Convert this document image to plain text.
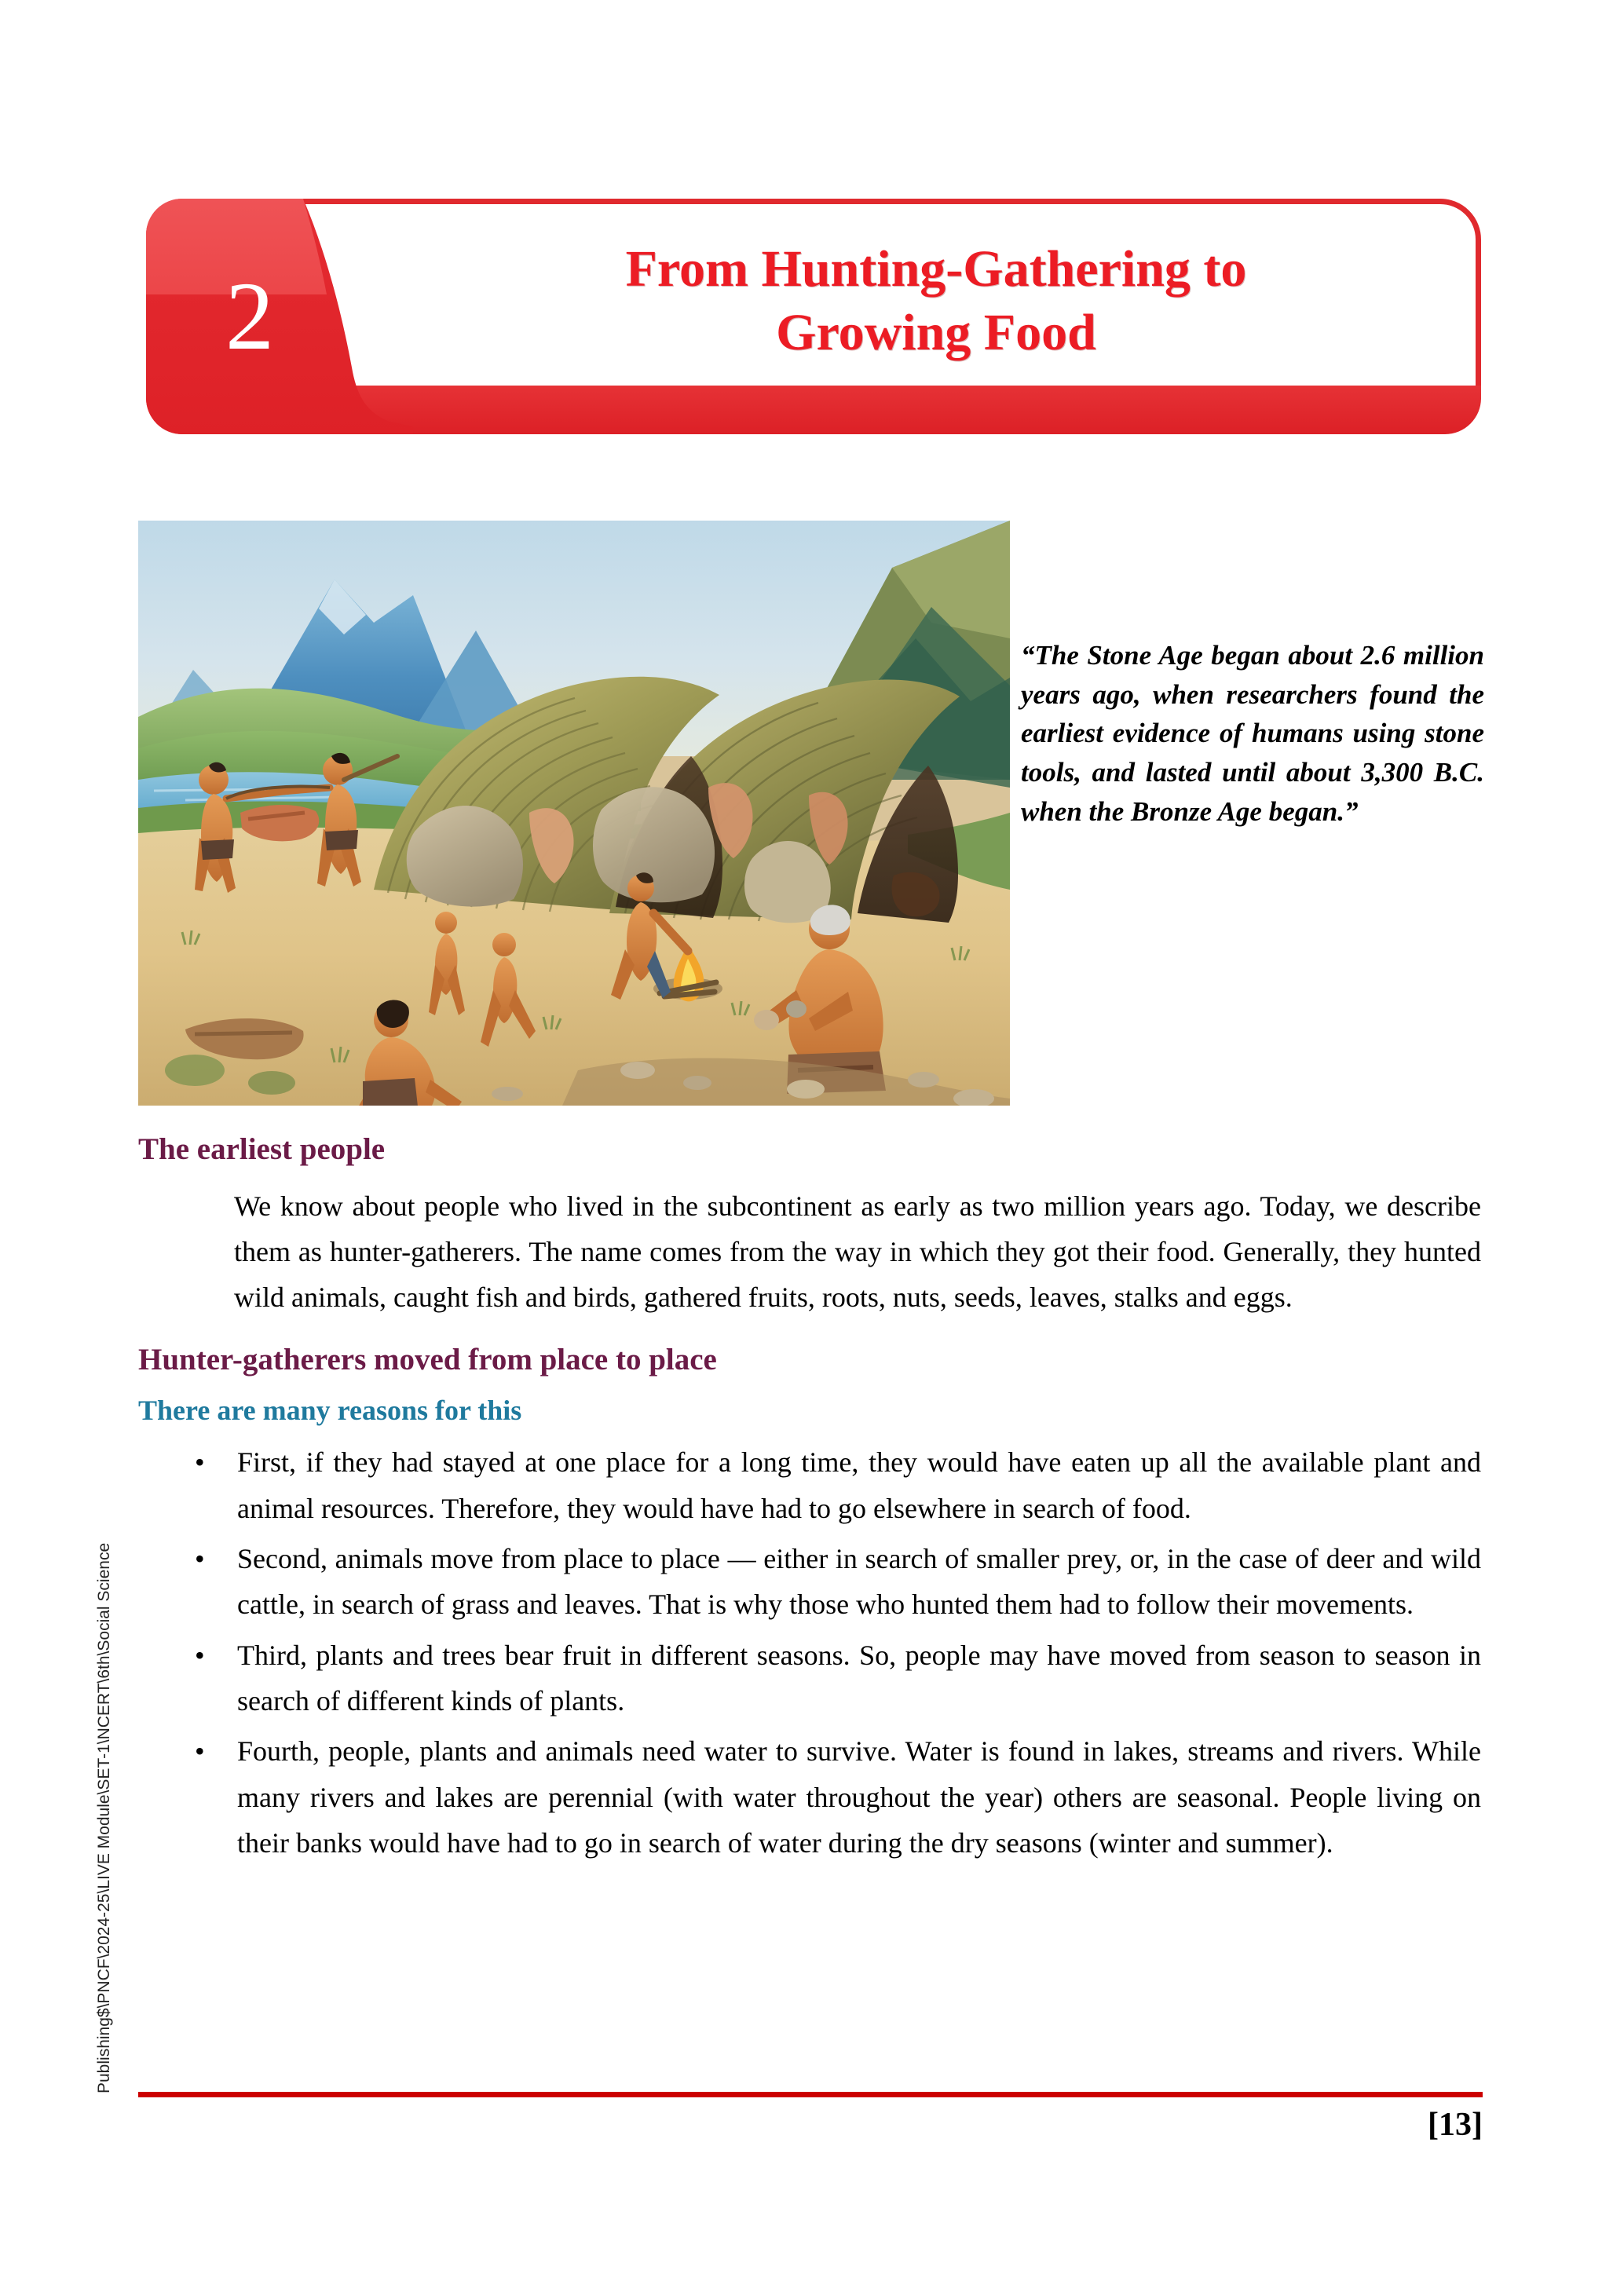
2	From Hunting-Gathering to
Growing Food
“The Stone Age began about 2.6 million years ago, when researchers found the earliest evidence of humans using stone tools, and lasted until about 3,300 B.C. when the Bronze Age began.”
The earliest people

We know about people who lived in the subcontinent as early as two million years ago. Today, we describe them as hunter-gatherers. The name comes from the way in which they got their food. Generally, they hunted wild animals, caught fish and birds, gathered fruits, roots, nuts, seeds, leaves, stalks and eggs.

Hunter-gatherers moved from place to place
There are many reasons for this
• First, if they had stayed at one place for a long time, they would have eaten up all the available plant and animal resources. Therefore, they would have had to go elsewhere in search of food.
• Second, animals move from place to place — either in search of smaller prey, or, in the case of deer and wild cattle, in search of grass and leaves. That is why those who hunted them had to follow their movements.
• Third, plants and trees bear fruit in different seasons. So, people may have moved from season to season in search of different kinds of plants.
• Fourth, people, plants and animals need water to survive. Water is found in lakes, streams and rivers. While many rivers and lakes are perennial (with water throughout the year) others are seasonal. People living on their banks would have had to go in search of water during the dry seasons (winter and summer).
Publishing$\PNCF\2024-25\LIVE Module\SET-1\NCERT\6th\Social Science
[13]
